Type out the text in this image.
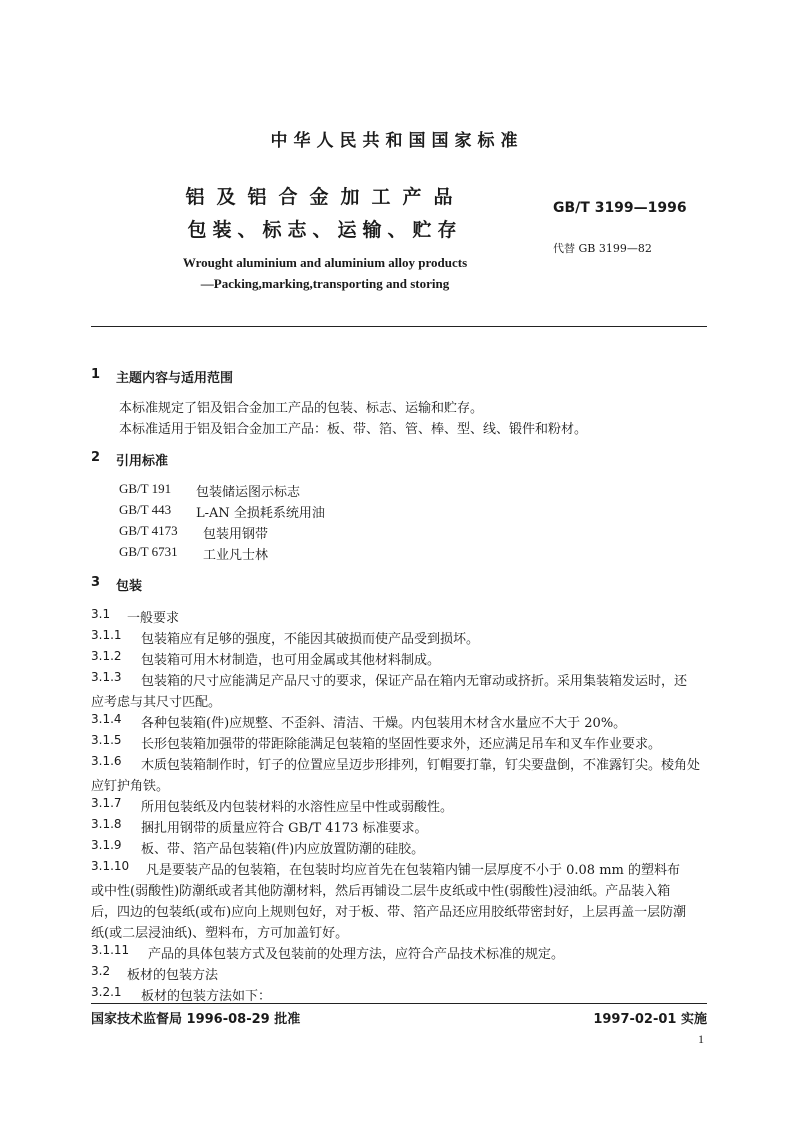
中华人民共和国国家标准
铝及铝合金加工产品
包装、标志、运输、贮存
GB/T 3199—1996
代替 GB 3199—82
Wrought aluminium and aluminium alloy products
—Packing,marking,transporting and storing
1 主题内容与适用范围
本标准规定了铝及铝合金加工产品的包装、标志、运输和贮存。
本标准适用于铝及铝合金加工产品：板、带、箔、管、棒、型、线、锻件和粉材。
2 引用标准
GB/T 191 包装储运图示标志
GB/T 443 L-AN 全损耗系统用油
GB/T 4173 包装用钢带
GB/T 6731 工业凡士林
3 包装
3.1 一般要求
3.1.1 包装箱应有足够的强度，不能因其破损而使产品受到损坏。
3.1.2 包装箱可用木材制造，也可用金属或其他材料制成。
3.1.3 包装箱的尺寸应能满足产品尺寸的要求，保证产品在箱内无窜动或挤折。采用集装箱发运时，还
应考虑与其尺寸匹配。
3.1.4 各种包装箱(件)应规整、不歪斜、清洁、干燥。内包装用木材含水量应不大于 20%。
3.1.5 长形包装箱加强带的带距除能满足包装箱的坚固性要求外，还应满足吊车和叉车作业要求。
3.1.6 木质包装箱制作时，钉子的位置应呈迈步形排列，钉帽要打靠，钉尖要盘倒，不准露钉尖。棱角处
应钉护角铁。
3.1.7 所用包装纸及内包装材料的水溶性应呈中性或弱酸性。
3.1.8 捆扎用钢带的质量应符合 GB/T 4173 标准要求。
3.1.9 板、带、箔产品包装箱(件)内应放置防潮的硅胶。
3.1.10 凡是要装产品的包装箱，在包装时均应首先在包装箱内铺一层厚度不小于 0.08 mm 的塑料布
或中性(弱酸性)防潮纸或者其他防潮材料，然后再铺设二层牛皮纸或中性(弱酸性)浸油纸。产品装入箱
后，四边的包装纸(或布)应向上规则包好，对于板、带、箔产品还应用胶纸带密封好，上层再盖一层防潮
纸(或二层浸油纸)、塑料布，方可加盖钉好。
3.1.11 产品的具体包装方式及包装前的处理方法，应符合产品技术标准的规定。
3.2 板材的包装方法
3.2.1 板材的包装方法如下：
国家技术监督局 1996-08-29 批准	1997-02-01 实施
1
